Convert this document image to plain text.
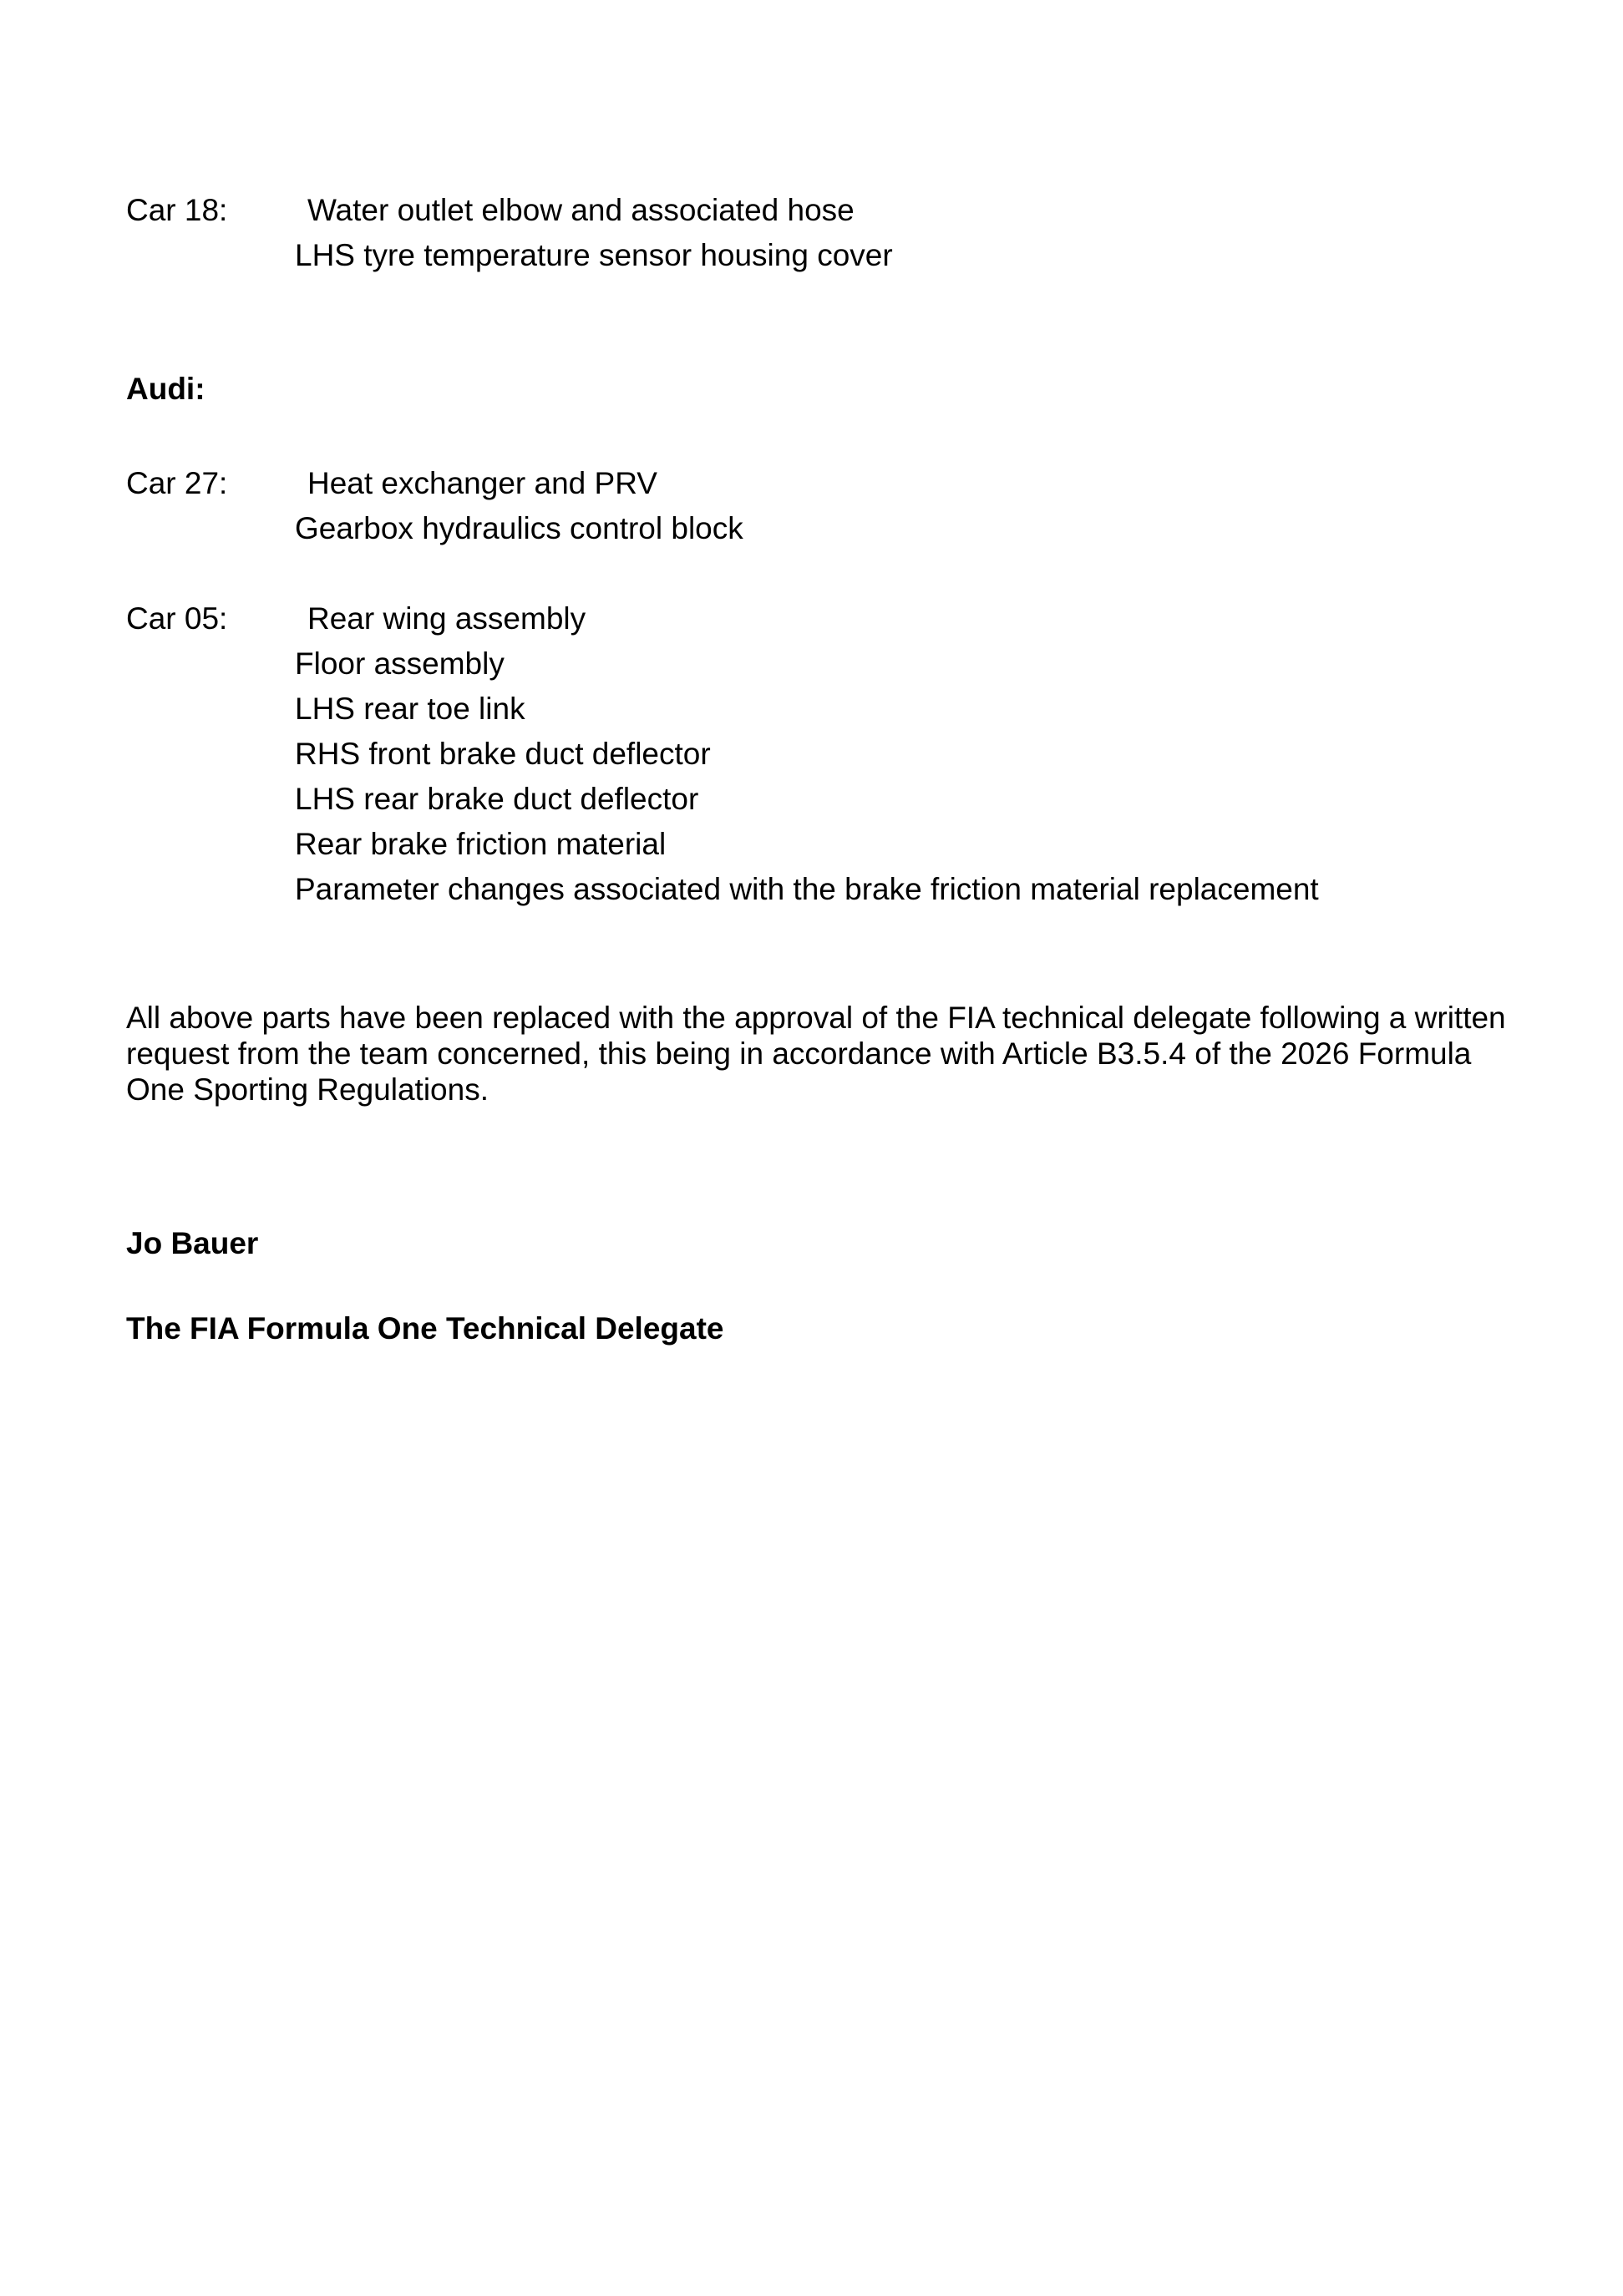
Car 18:	Water outlet elbow and associated hose
LHS tyre temperature sensor housing cover
Audi:
Car 27:	Heat exchanger and PRV
Gearbox hydraulics control block
Car 05:	Rear wing assembly
Floor assembly
LHS rear toe link
RHS front brake duct deflector
LHS rear brake duct deflector
Rear brake friction material
Parameter changes associated with the brake friction material replacement
All above parts have been replaced with the approval of the FIA technical delegate following a written
request from the team concerned, this being in accordance with Article B3.5.4 of the 2026 Formula
One Sporting Regulations.
Jo Bauer
The FIA Formula One Technical Delegate
